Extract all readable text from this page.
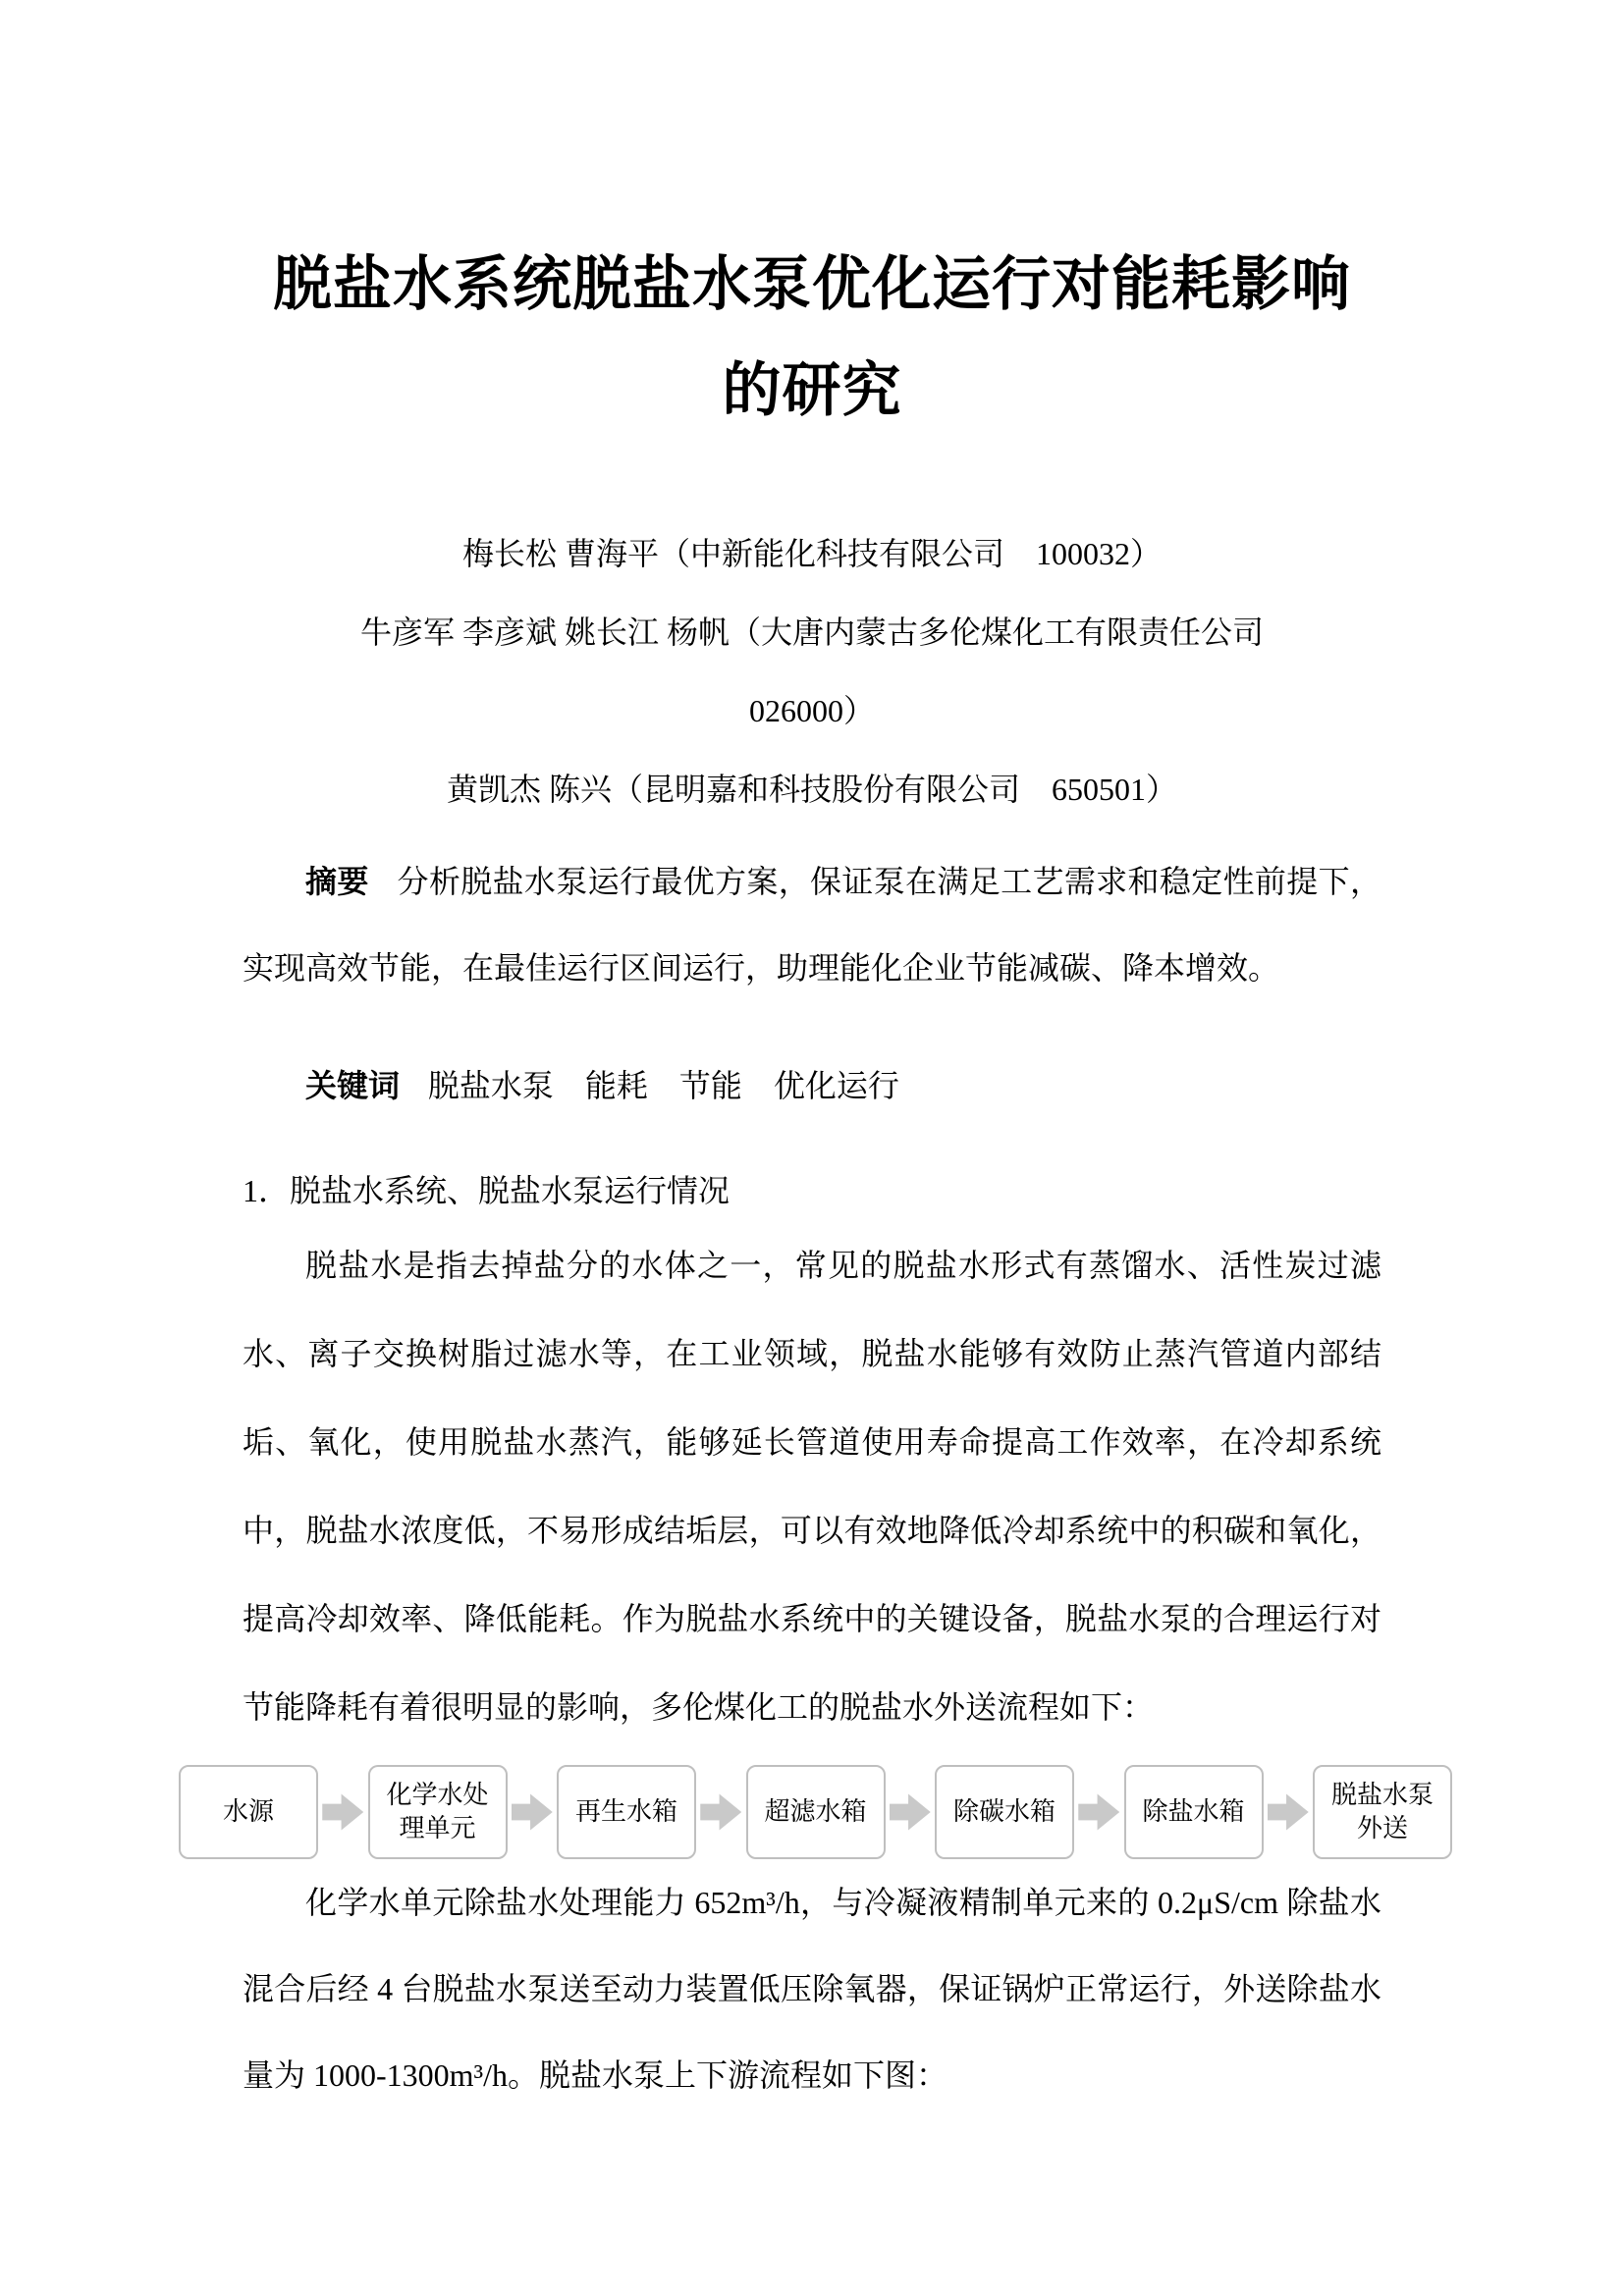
脱盐水系统脱盐水泵优化运行对能耗影响
的研究
梅长松 曹海平（中新能化科技有限公司　100032）
牛彦军 李彦斌 姚长江 杨帆（大唐内蒙古多伦煤化工有限责任公司
026000）
黄凯杰 陈兴（昆明嘉和科技股份有限公司　650501）

摘要 分析脱盐水泵运行最优方案，保证泵在满足工艺需求和稳定性前提下，实现高效节能，在最佳运行区间运行，助理能化企业节能减碳、降本增效。

关键词 脱盐水泵　能耗　节能　优化运行

1．脱盐水系统、脱盐水泵运行情况

脱盐水是指去掉盐分的水体之一，常见的脱盐水形式有蒸馏水、活性炭过滤水、离子交换树脂过滤水等，在工业领域，脱盐水能够有效防止蒸汽管道内部结垢、氧化，使用脱盐水蒸汽，能够延长管道使用寿命提高工作效率，在冷却系统中，脱盐水浓度低，不易形成结垢层，可以有效地降低冷却系统中的积碳和氧化，提高冷却效率、降低能耗。作为脱盐水系统中的关键设备，脱盐水泵的合理运行对节能降耗有着很明显的影响，多伦煤化工的脱盐水外送流程如下：

水源
化学水处理单元
再生水箱	超滤水箱	除碳水箱	除盐水箱
脱盐水泵外送

化学水单元除盐水处理能力 652m³/h，与冷凝液精制单元来的 0.2μS/cm 除盐水混合后经 4 台脱盐水泵送至动力装置低压除氧器，保证锅炉正常运行，外送除盐水量为 1000-1300m³/h。脱盐水泵上下游流程如下图：
